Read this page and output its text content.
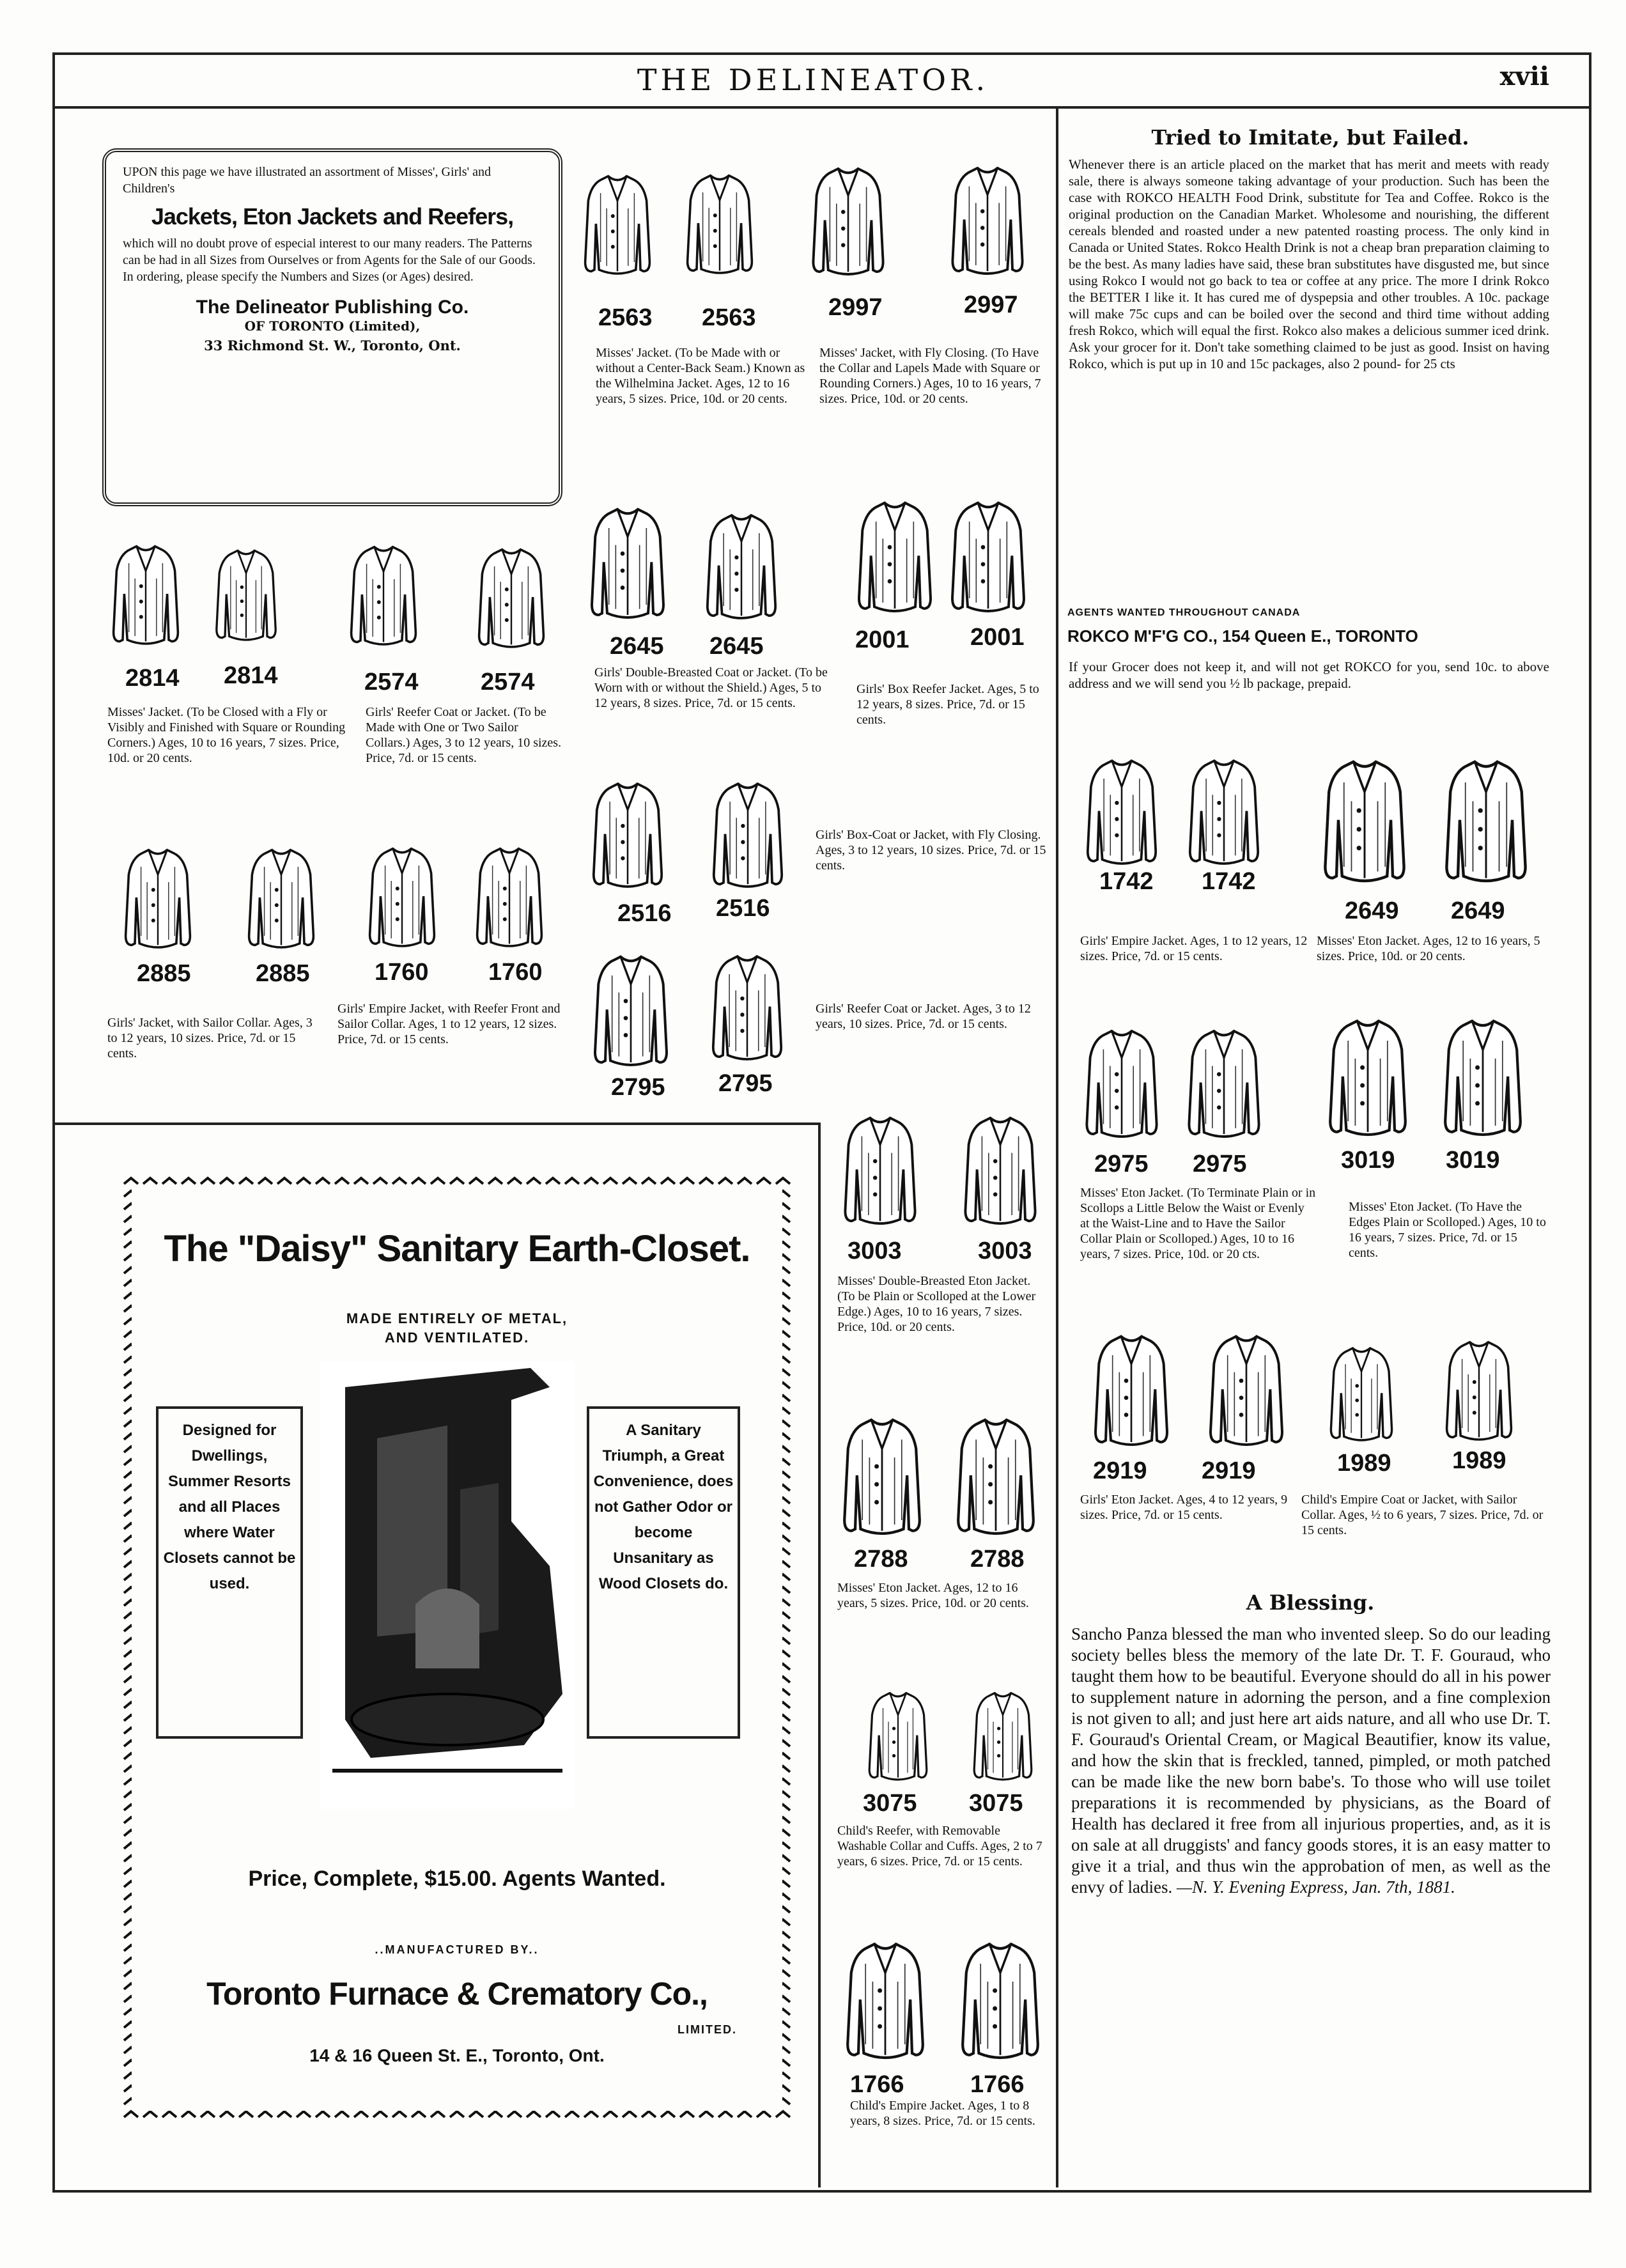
THE DELINEATOR.	xvii
UPON this page we have illustrated an assortment of Misses', Girls' and Children's
Jackets, Eton Jackets and Reefers,
which will no doubt prove of especial interest to our many readers. The Patterns can be had in all Sizes from Ourselves or from Agents for the Sale of our Goods. In ordering, please specify the Numbers and Sizes (or Ages) desired.
The Delineator Publishing Co.
OF TORONTO (Limited),
33 Richmond St. W., Toronto, Ont.
2814 2814
Misses' Jacket. (To be Closed with a Fly or Visibly and Finished with Square or Rounding Corners.) Ages, 10 to 16 years, 7 sizes. Price, 10d. or 20 cents.
2574	2574
Girls' Reefer Coat or Jacket. (To be Made with One or Two Sailor Collars.) Ages, 3 to 12 years, 10 sizes. Price, 7d. or 15 cents.
2885	2885
Girls' Jacket, with Sailor Collar. Ages, 3 to 12 years, 10 sizes. Price, 7d. or 15 cents.
1760 1760
Girls' Empire Jacket, with Reefer Front and Sailor Collar. Ages, 1 to 12 years, 12 sizes. Price, 7d. or 15 cents.
2563 2563
Misses' Jacket. (To be Made with or without a Center-Back Seam.) Known as the Wilhelmina Jacket. Ages, 12 to 16 years, 5 sizes. Price, 10d. or 20 cents.
2997	2997
Misses' Jacket, with Fly Closing. (To Have the Collar and Lapels Made with Square or Rounding Corners.) Ages, 10 to 16 years, 7 sizes. Price, 10d. or 20 cents.
2645 2645
Girls' Double-Breasted Coat or Jacket. (To be Worn with or without the Shield.) Ages, 5 to 12 years, 8 sizes. Price, 7d. or 15 cents.
2001	2001
Girls' Box Reefer Jacket. Ages, 5 to 12 years, 8 sizes. Price, 7d. or 15 cents.
2516 2516
Girls' Box-Coat or Jacket, with Fly Closing. Ages, 3 to 12 years, 10 sizes. Price, 7d. or 15 cents.
2795 2795
Girls' Reefer Coat or Jacket. Ages, 3 to 12 years, 10 sizes. Price, 7d. or 15 cents.
3003	3003
Misses' Double-Breasted Eton Jacket. (To be Plain or Scolloped at the Lower Edge.) Ages, 10 to 16 years, 7 sizes. Price, 10d. or 20 cents.
2788	2788
Misses' Eton Jacket. Ages, 12 to 16 years, 5 sizes. Price, 10d. or 20 cents.
3075 3075
Child's Reefer, with Removable Washable Collar and Cuffs. Ages, 2 to 7 years, 6 sizes. Price, 7d. or 15 cents.
1766	1766
Child's Empire Jacket. Ages, 1 to 8 years, 8 sizes. Price, 7d. or 15 cents.
Tried to Imitate, but Failed.
Whenever there is an article placed on the market that has merit and meets with ready sale, there is always someone taking advantage of your production. Such has been the case with ROKCO HEALTH Food Drink, substitute for Tea and Coffee. Rokco is the original production on the Canadian Market. Wholesome and nourishing, the different cereals blended and roasted under a new patented roasting process. The only kind in Canada or United States. Rokco Health Drink is not a cheap bran preparation claiming to be the best. As many ladies have said, these bran substitutes have disgusted me, but since using Rokco I would not go back to tea or coffee at any price. The more I drink Rokco the BETTER I like it. It has cured me of dyspepsia and other troubles. A 10c. package will make 75c cups and can be boiled over the second and third time without adding fresh Rokco, which will equal the first. Rokco also makes a delicious summer iced drink. Ask your grocer for it. Don't take something claimed to be just as good. Insist on having Rokco, which is put up in 10 and 15c packages, also 2 pound- for 25 cts
AGENTS WANTED THROUGHOUT CANADA
ROKCO M'F'G CO., 154 Queen E., TORONTO
If your Grocer does not keep it, and will not get ROKCO for you, send 10c. to above address and we will send you ½ lb package, prepaid.
1742 1742
Girls' Empire Jacket. Ages, 1 to 12 years, 12 sizes. Price, 7d. or 15 cents.
2649 2649
Misses' Eton Jacket. Ages, 12 to 16 years, 5 sizes. Price, 10d. or 20 cents.
2975 2975
Misses' Eton Jacket. (To Terminate Plain or in Scollops a Little Below the Waist or Evenly at the Waist-Line and to Have the Sailor Collar Plain or Scolloped.) Ages, 10 to 16 years, 7 sizes. Price, 10d. or 20 cts.
3019 3019
Misses' Eton Jacket. (To Have the Edges Plain or Scolloped.) Ages, 10 to 16 years, 7 sizes. Price, 7d. or 15 cents.
2919 2919
Girls' Eton Jacket. Ages, 4 to 12 years, 9 sizes. Price, 7d. or 15 cents.
1989	1989
Child's Empire Coat or Jacket, with Sailor Collar. Ages, ½ to 6 years, 7 sizes. Price, 7d. or 15 cents.
A Blessing.
Sancho Panza blessed the man who invented sleep. So do our leading society belles bless the memory of the late Dr. T. F. Gouraud, who taught them how to be beautiful. Everyone should do all in his power to supplement nature in adorning the person, and a fine complexion is not given to all; and just here art aids nature, and all who use Dr. T. F. Gouraud's Oriental Cream, or Magical Beautifier, know its value, and how the skin that is freckled, tanned, pimpled, or moth patched can be made like the new born babe's. To those who will use toilet preparations it is recommended by physicians, as the Board of Health has declared it free from all injurious properties, and, as it is on sale at all druggists' and fancy goods stores, it is an easy matter to give it a trial, and thus win the approbation of men, as well as the envy of ladies. —N. Y. Evening Express, Jan. 7th, 1881.
The "Daisy" Sanitary Earth-Closet.
MADE ENTIRELY OF METAL,
AND VENTILATED.
Designed for Dwellings, Summer Resorts and all Places where Water Closets cannot be used.
A Sanitary Triumph, a Great Convenience, does not Gather Odor or become Unsanitary as Wood Closets do.
Price, Complete, $15.00. Agents Wanted.
..MANUFACTURED BY..
Toronto Furnace & Crematory Co.,
LIMITED.
14 & 16 Queen St. E., Toronto, Ont.
